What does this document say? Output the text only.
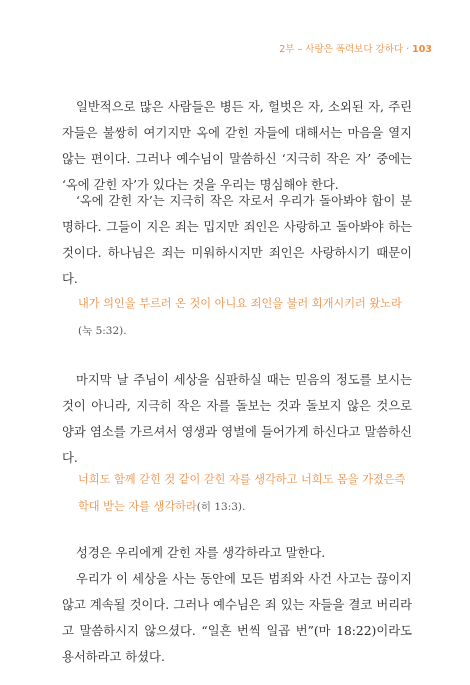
2부 – 사랑은 폭력보다 강하다 · 103

일반적으로 많은 사람들은 병든 자, 헐벗은 자, 소외된 자, 주린 자들은 불쌍히 여기지만 옥에 갇힌 자들에 대해서는 마음을 열지 않는 편이다. 그러나 예수님이 말씀하신 ‘지극히 작은 자’ 중에는 ‘옥에 갇힌 자’가 있다는 것을 우리는 명심해야 한다.

‘옥에 갇힌 자’는 지극히 작은 자로서 우리가 돌아봐야 함이 분명하다. 그들이 지은 죄는 밉지만 죄인은 사랑하고 돌아봐야 하는 것이다. 하나님은 죄는 미워하시지만 죄인은 사랑하시기 때문이다.

내가 의인을 부르러 온 것이 아니요 죄인을 불러 회개시키러 왔노라(눅 5:32).

마지막 날 주님이 세상을 심판하실 때는 믿음의 정도를 보시는 것이 아니라, 지극히 작은 자를 돌보는 것과 돌보지 않은 것으로 양과 염소를 가르셔서 영생과 영벌에 들어가게 하신다고 말씀하신다.

너희도 함께 갇힌 것 같이 갇힌 자를 생각하고 너희도 몸을 가졌은즉 학대 받는 자를 생각하라(히 13:3).

성경은 우리에게 갇힌 자를 생각하라고 말한다.

우리가 이 세상을 사는 동안에 모든 범죄와 사건 사고는 끊이지 않고 계속될 것이다. 그러나 예수님은 죄 있는 자들을 결코 버리라고 말씀하시지 않으셨다. “일흔 번씩 일곱 번”(마 18:22)이라도 용서하라고 하셨다.
